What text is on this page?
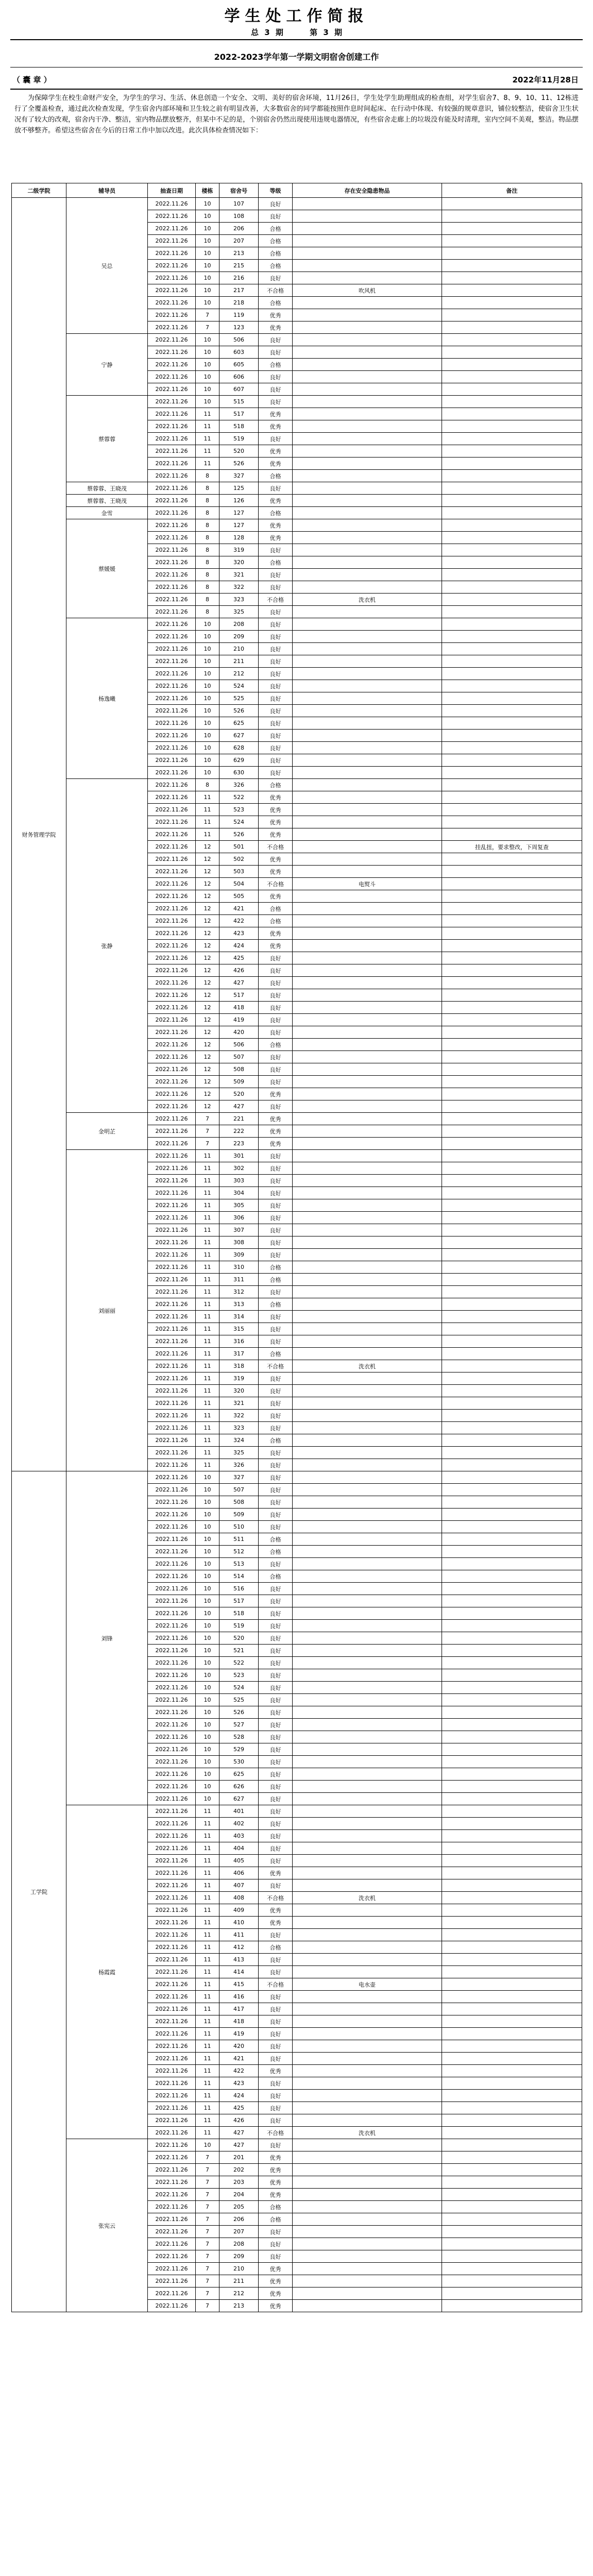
学生处工作简报
总 3 期	第 3 期
2022-2023学年第一学期文明宿舍创建工作
（ 囊 章 ）	2022年11月28日
为保障学生在校生命财产安全，为学生的学习、生活、休息创造一个安全、文明、美好的宿舍环境，11月26日，学生处学生助理组成的检查组，对学生宿舍7、8、9、10、11、12栋进行了全覆盖检查，通过此次检查发现，学生宿舍内部环境和卫生较之前有明显改善，大多数宿舍的同学都能按照作息时间起床、在行动中体现、有较强的规章意识，铺位较整洁，使宿舍卫生状况有了较大的改观，宿舍内干净、整洁，室内物品摆放整齐，但某中不足的是，个别宿舍仍然出现使用违规电器情况，有些宿舍走廊上的垃圾没有能及时清理，室内空间不美观，整洁。物品摆放不够整齐。希望这些宿舍在今后的日常工作中加以改进。此次具体检查情况如下：
二级学院	辅导员	抽查日期	楼栋	宿舍号	等级	存在安全隐患物品	备注
财务管理学院	吴总	2022.11.26	10	107	良好		
		2022.11.26	10	108	良好		
		2022.11.26	10	206	合格		
		2022.11.26	10	207	合格		
		2022.11.26	10	213	合格		
		2022.11.26	10	215	合格		
		2022.11.26	10	216	良好		
		2022.11.26	10	217	不合格	吹风机	
		2022.11.26	10	218	合格		
		2022.11.26	7	119	优秀		
		2022.11.26	7	123	优秀		
	宁静	2022.11.26	10	506	良好		
		2022.11.26	10	603	良好		
		2022.11.26	10	605	合格		
		2022.11.26	10	606	良好		
		2022.11.26	10	607	良好		
	蔡蓉蓉	2022.11.26	10	515	良好		
		2022.11.26	11	517	优秀		
		2022.11.26	11	518	优秀		
		2022.11.26	11	519	良好		
		2022.11.26	11	520	优秀		
		2022.11.26	11	526	优秀		
		2022.11.26	8	327	合格		
	蔡蓉蓉、王晓茂	2022.11.26	8	125	良好		
	蔡蓉蓉、王晓茂	2022.11.26	8	126	优秀		
	金雪	2022.11.26	8	127	合格		
	蔡媛媛	2022.11.26	8	127	优秀		
		2022.11.26	8	128	优秀		
		2022.11.26	8	319	良好		
		2022.11.26	8	320	合格		
		2022.11.26	8	321	良好		
		2022.11.26	8	322	良好		
		2022.11.26	8	323	不合格	洗衣机	
		2022.11.26	8	325	良好		
	杨逸曦	2022.11.26	10	208	良好		
		2022.11.26	10	209	良好		
		2022.11.26	10	210	良好		
		2022.11.26	10	211	良好		
		2022.11.26	10	212	良好		
		2022.11.26	10	524	良好		
		2022.11.26	10	525	良好		
		2022.11.26	10	526	良好		
		2022.11.26	10	625	良好		
		2022.11.26	10	627	良好		
		2022.11.26	10	628	良好		
		2022.11.26	10	629	良好		
		2022.11.26	10	630	良好		
	张静	2022.11.26	8	326	合格		
		2022.11.26	11	522	优秀		
		2022.11.26	11	523	优秀		
		2022.11.26	11	524	优秀		
		2022.11.26	11	526	优秀		
		2022.11.26	12	501	不合格		挂乱扭，要求整改，下周复查
		2022.11.26	12	502	优秀		
		2022.11.26	12	503	优秀		
		2022.11.26	12	504	不合格	电熨斗	
		2022.11.26	12	505	优秀		
		2022.11.26	12	421	合格		
		2022.11.26	12	422	合格		
		2022.11.26	12	423	优秀		
		2022.11.26	12	424	优秀		
		2022.11.26	12	425	良好		
		2022.11.26	12	426	良好		
		2022.11.26	12	427	良好		
		2022.11.26	12	517	良好		
		2022.11.26	12	418	良好		
		2022.11.26	12	419	良好		
		2022.11.26	12	420	良好		
		2022.11.26	12	506	合格		
		2022.11.26	12	507	良好		
		2022.11.26	12	508	良好		
		2022.11.26	12	509	良好		
		2022.11.26	12	520	优秀		
		2022.11.26	12	427	良好		
	金明芷	2022.11.26	7	221	优秀		
		2022.11.26	7	222	优秀		
		2022.11.26	7	223	优秀		
	刘丽丽	2022.11.26	11	301	良好		
		2022.11.26	11	302	良好		
		2022.11.26	11	303	良好		
		2022.11.26	11	304	良好		
		2022.11.26	11	305	良好		
		2022.11.26	11	306	良好		
		2022.11.26	11	307	良好		
		2022.11.26	11	308	良好		
		2022.11.26	11	309	良好		
		2022.11.26	11	310	合格		
		2022.11.26	11	311	合格		
		2022.11.26	11	312	良好		
		2022.11.26	11	313	合格		
		2022.11.26	11	314	良好		
		2022.11.26	11	315	良好		
		2022.11.26	11	316	良好		
		2022.11.26	11	317	合格		
		2022.11.26	11	318	不合格	洗衣机	
		2022.11.26	11	319	良好		
		2022.11.26	11	320	良好		
		2022.11.26	11	321	良好		
		2022.11.26	11	322	良好		
		2022.11.26	11	323	良好		
		2022.11.26	11	324	合格		
		2022.11.26	11	325	良好		
		2022.11.26	11	326	良好		
工学院	刘锋	2022.11.26	10	327	良好		
		2022.11.26	10	507	良好		
		2022.11.26	10	508	良好		
		2022.11.26	10	509	良好		
		2022.11.26	10	510	良好		
		2022.11.26	10	511	合格		
		2022.11.26	10	512	合格		
		2022.11.26	10	513	良好		
		2022.11.26	10	514	合格		
		2022.11.26	10	516	良好		
		2022.11.26	10	517	良好		
		2022.11.26	10	518	良好		
		2022.11.26	10	519	良好		
		2022.11.26	10	520	良好		
		2022.11.26	10	521	良好		
		2022.11.26	10	522	良好		
		2022.11.26	10	523	良好		
		2022.11.26	10	524	良好		
		2022.11.26	10	525	良好		
		2022.11.26	10	526	良好		
		2022.11.26	10	527	良好		
		2022.11.26	10	528	良好		
		2022.11.26	10	529	良好		
		2022.11.26	10	530	良好		
		2022.11.26	10	625	良好		
		2022.11.26	10	626	良好		
		2022.11.26	10	627	良好		
	杨霞霞	2022.11.26	11	401	良好		
		2022.11.26	11	402	良好		
		2022.11.26	11	403	良好		
		2022.11.26	11	404	良好		
		2022.11.26	11	405	良好		
		2022.11.26	11	406	优秀		
		2022.11.26	11	407	良好		
		2022.11.26	11	408	不合格	洗衣机	
		2022.11.26	11	409	优秀		
		2022.11.26	11	410	优秀		
		2022.11.26	11	411	良好		
		2022.11.26	11	412	合格		
		2022.11.26	11	413	良好		
		2022.11.26	11	414	良好		
		2022.11.26	11	415	不合格	电水壶	
		2022.11.26	11	416	良好		
		2022.11.26	11	417	良好		
		2022.11.26	11	418	良好		
		2022.11.26	11	419	良好		
		2022.11.26	11	420	良好		
		2022.11.26	11	421	良好		
		2022.11.26	11	422	优秀		
		2022.11.26	11	423	良好		
		2022.11.26	11	424	良好		
		2022.11.26	11	425	良好		
		2022.11.26	11	426	良好		
		2022.11.26	11	427	不合格	洗衣机	
	张宪云	2022.11.26	10	427	良好		
		2022.11.26	7	201	优秀		
		2022.11.26	7	202	优秀		
		2022.11.26	7	203	优秀		
		2022.11.26	7	204	优秀		
		2022.11.26	7	205	合格		
		2022.11.26	7	206	合格		
		2022.11.26	7	207	良好		
		2022.11.26	7	208	良好		
		2022.11.26	7	209	良好		
		2022.11.26	7	210	优秀		
		2022.11.26	7	211	优秀		
		2022.11.26	7	212	优秀		
		2022.11.26	7	213	优秀		
